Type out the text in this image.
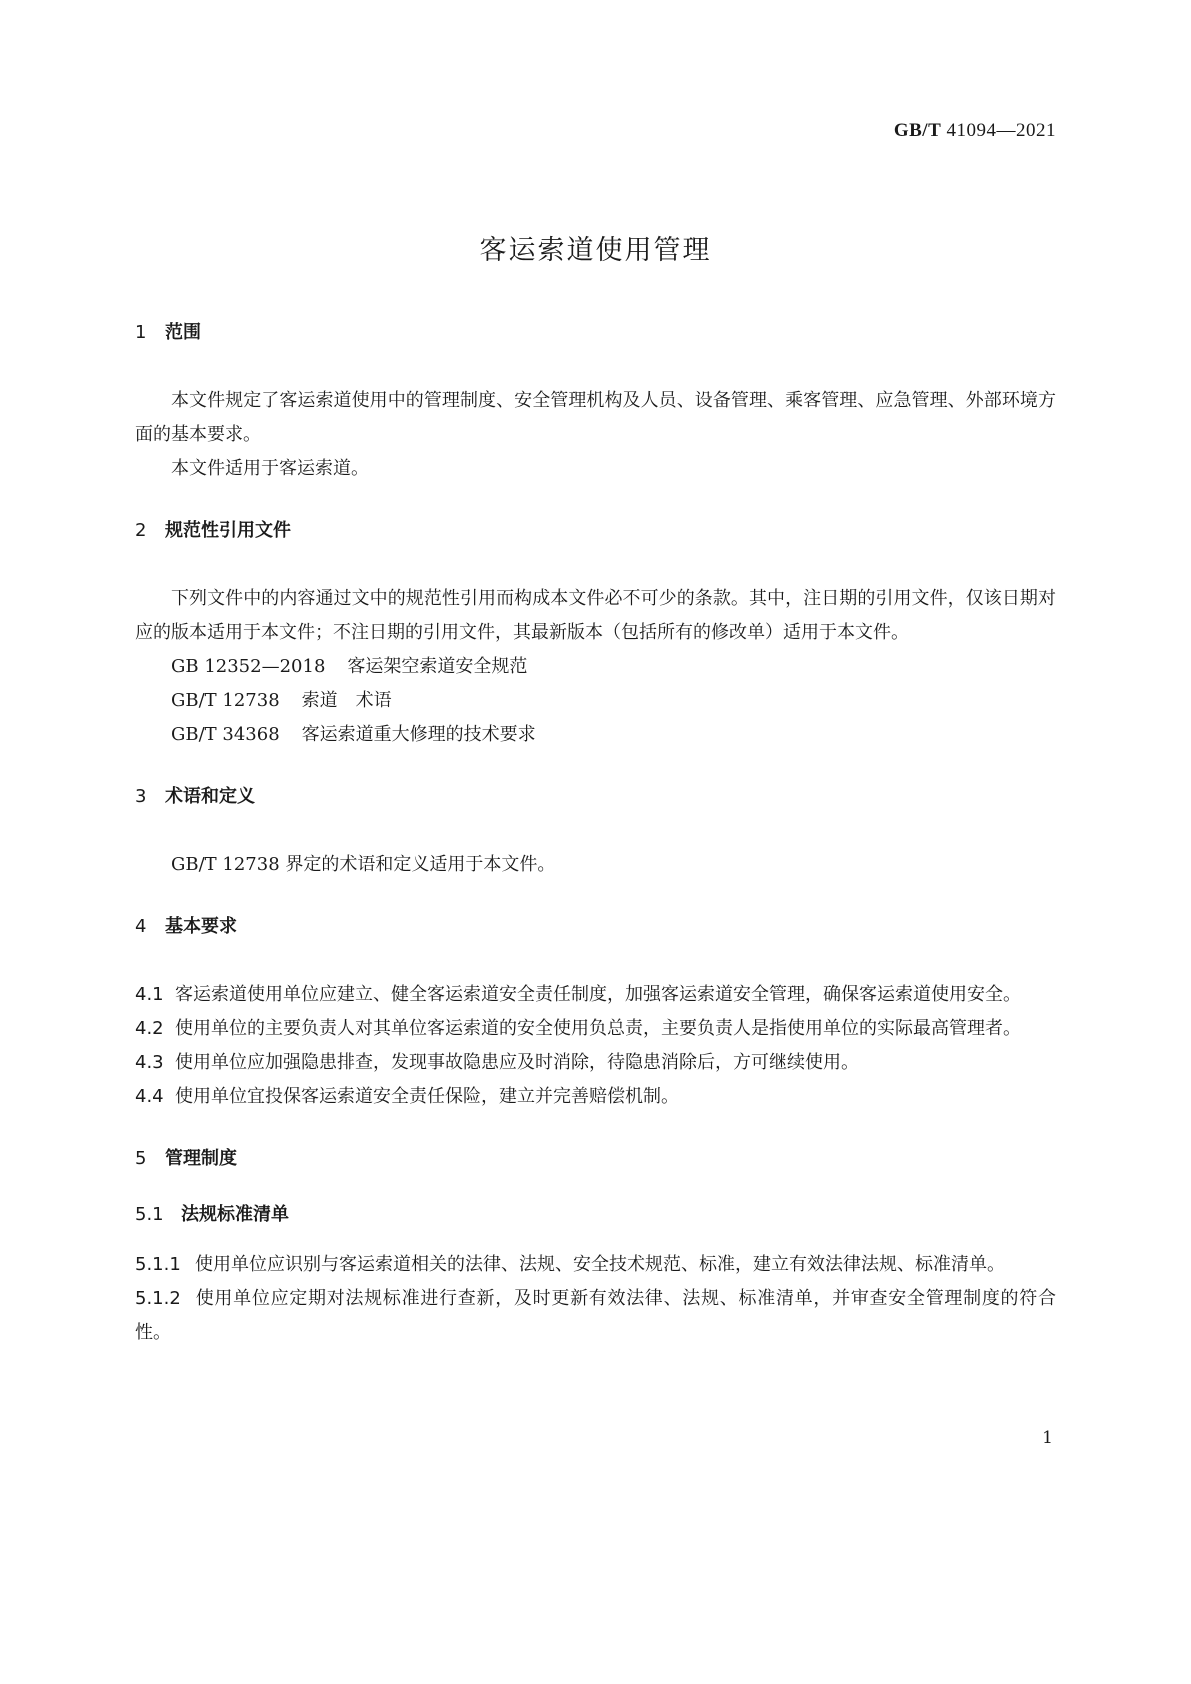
GB/T 41094—2021
客运索道使用管理
1 范围

本文件规定了客运索道使用中的管理制度、安全管理机构及人员、设备管理、乘客管理、应急管理、外部环境方面的基本要求。

本文件适用于客运索道。

2 规范性引用文件

下列文件中的内容通过文中的规范性引用而构成本文件必不可少的条款。其中，注日期的引用文件，仅该日期对应的版本适用于本文件；不注日期的引用文件，其最新版本（包括所有的修改单）适用于本文件。

GB 12352—2018 客运架空索道安全规范
GB/T 12738 索道　术语
GB/T 34368 客运索道重大修理的技术要求
3 术语和定义

GB/T 12738 界定的术语和定义适用于本文件。

4 基本要求

4.1 客运索道使用单位应建立、健全客运索道安全责任制度，加强客运索道安全管理，确保客运索道使用安全。

4.2 使用单位的主要负责人对其单位客运索道的安全使用负总责，主要负责人是指使用单位的实际最高管理者。

4.3 使用单位应加强隐患排查，发现事故隐患应及时消除，待隐患消除后，方可继续使用。

4.4 使用单位宜投保客运索道安全责任保险，建立并完善赔偿机制。

5 管理制度
5.1 法规标准清单

5.1.1 使用单位应识别与客运索道相关的法律、法规、安全技术规范、标准，建立有效法律法规、标准清单。

5.1.2 使用单位应定期对法规标准进行查新，及时更新有效法律、法规、标准清单，并审查安全管理制度的符合性。

1
